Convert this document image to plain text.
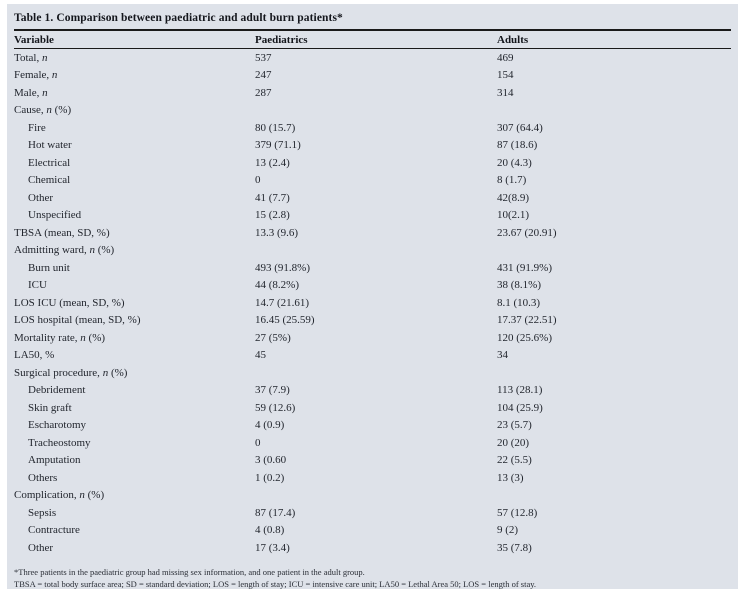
Table 1. Comparison between paediatric and adult burn patients*
Variable	Paediatrics	Adults
Total, n	537	469
Female, n	247	154
Male, n	287	314
Cause, n (%)
Fire	80 (15.7)	307 (64.4)
Hot water	379 (71.1)	87 (18.6)
Electrical	13 (2.4)	20 (4.3)
Chemical	0	8 (1.7)
Other	41 (7.7)	42(8.9)
Unspecified	15 (2.8)	10(2.1)
TBSA (mean, SD, %)	13.3 (9.6)	23.67 (20.91)
Admitting ward, n (%)
Burn unit	493 (91.8%)	431 (91.9%)
ICU	44 (8.2%)	38 (8.1%)
LOS ICU (mean, SD, %)	14.7 (21.61)	8.1 (10.3)
LOS hospital (mean, SD, %)	16.45 (25.59)	17.37 (22.51)
Mortality rate, n (%)	27 (5%)	120 (25.6%)
LA50, %	45	34
Surgical procedure, n (%)
Debridement	37 (7.9)	113 (28.1)
Skin graft	59 (12.6)	104 (25.9)
Escharotomy	4 (0.9)	23 (5.7)
Tracheostomy	0	20 (20)
Amputation	3 (0.60	22 (5.5)
Others	1 (0.2)	13 (3)
Complication, n (%)
Sepsis	87 (17.4)	57 (12.8)
Contracture	4 (0.8)	9 (2)
Other	17 (3.4)	35 (7.8)
*Three patients in the paediatric group had missing sex information, and one patient in the adult group.
TBSA = total body surface area; SD = standard deviation; LOS = length of stay; ICU = intensive care unit; LA50 = Lethal Area 50; LOS = length of stay.
